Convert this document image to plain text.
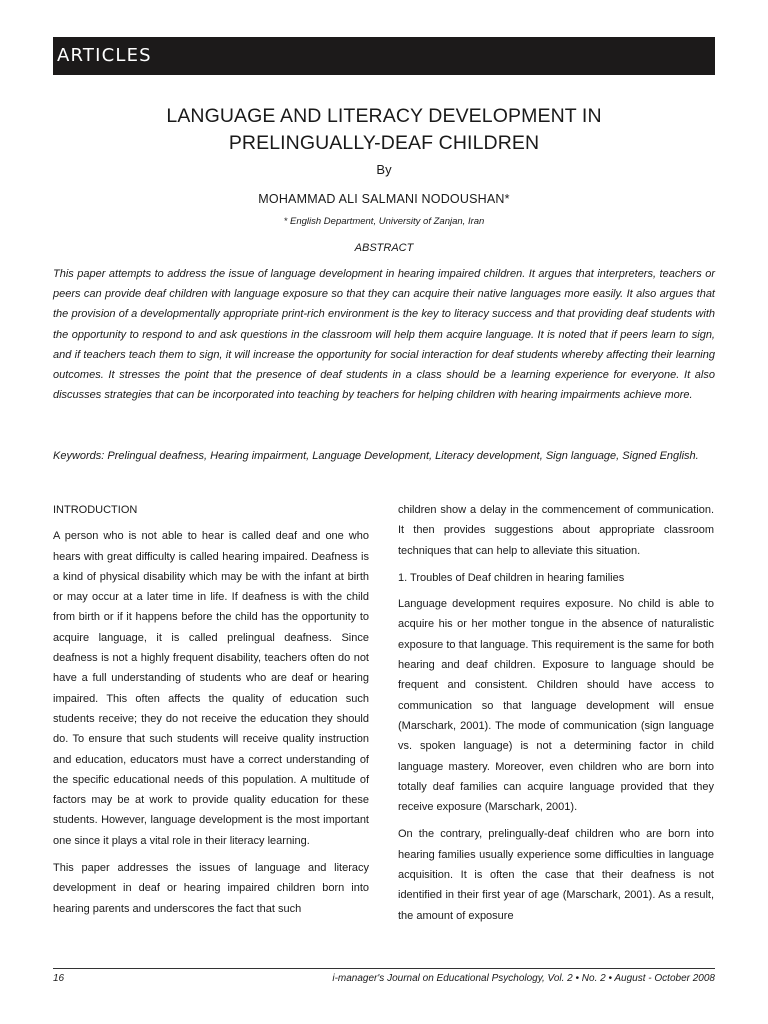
ARTICLES
LANGUAGE AND LITERACY DEVELOPMENT IN
PRELINGUALLY-DEAF CHILDREN
By
MOHAMMAD ALI SALMANI NODOUSHAN*
* English Department, University of Zanjan, Iran
ABSTRACT

This paper attempts to address the issue of language development in hearing impaired children. It argues that interpreters, teachers or peers can provide deaf children with language exposure so that they can acquire their native languages more easily. It also argues that the provision of a developmentally appropriate print-rich environment is the key to literacy success and that providing deaf students with the opportunity to respond to and ask questions in the classroom will help them acquire language. It is noted that if peers learn to sign, and if teachers teach them to sign, it will increase the opportunity for social interaction for deaf students whereby affecting their learning outcomes. It stresses the point that the presence of deaf students in a class should be a learning experience for everyone. It also discusses strategies that can be incorporated into teaching by teachers for helping children with hearing impairments achieve more.

Keywords: Prelingual deafness, Hearing impairment, Language Development, Literacy development, Sign language, Signed English.

INTRODUCTION

A person who is not able to hear is called deaf and one who hears with great difficulty is called hearing impaired. Deafness is a kind of physical disability which may be with the infant at birth or may occur at a later time in life. If deafness is with the child from birth or if it happens before the child has the opportunity to acquire language, it is called prelingual deafness. Since deafness is not a highly frequent disability, teachers often do not have a full understanding of students who are deaf or hearing impaired. This often affects the quality of education such students receive; they do not receive the education they should do. To ensure that such students will receive quality instruction and education, educators must have a correct understanding of the specific educational needs of this population. A multitude of factors may be at work to provide quality education for these students. However, language development is the most important one since it plays a vital role in their literacy learning.

This paper addresses the issues of language and literacy development in deaf or hearing impaired children born into hearing parents and underscores the fact that such

children show a delay in the commencement of communication. It then provides suggestions about appropriate classroom techniques that can help to alleviate this situation.

1. Troubles of Deaf children in hearing families

Language development requires exposure. No child is able to acquire his or her mother tongue in the absence of naturalistic exposure to that language. This requirement is the same for both hearing and deaf children. Exposure to language should be frequent and consistent. Children should have access to communication so that language development will ensue (Marschark, 2001). The mode of communication (sign language vs. spoken language) is not a determining factor in child language mastery. Moreover, even children who are born into totally deaf families can acquire language provided that they receive exposure (Marschark, 2001).

On the contrary, prelingually-deaf children who are born into hearing families usually experience some difficulties in language acquisition. It is often the case that their deafness is not identified in their first year of age (Marschark, 2001). As a result, the amount of exposure

16	i-manager's Journal on Educational Psychology, Vol. 2 • No. 2 • August - October 2008
